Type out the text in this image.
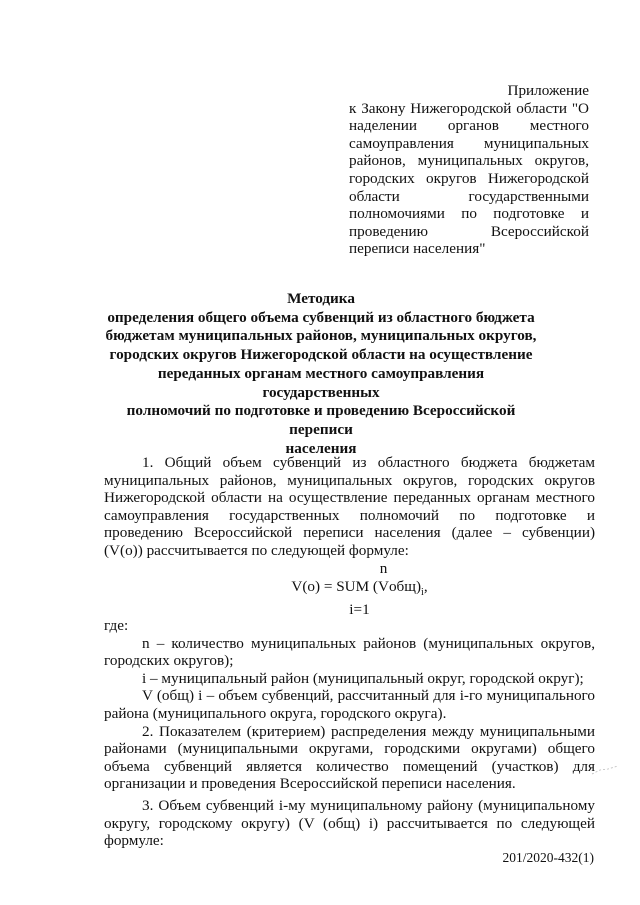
Приложение
к Закону Нижегородской области "О
наделении органов местного
самоуправления муниципальных
районов, муниципальных округов,
городских округов Нижегородской
области государственными
полномочиями по подготовке и
проведению Всероссийской
переписи населения"
Методика
определения общего объема субвенций из областного бюджета
бюджетам муниципальных районов, муниципальных округов,
городских округов Нижегородской области на осуществление
переданных органам местного самоуправления государственных
полномочий по подготовке и проведению Всероссийской переписи
населения
1. Общий объем субвенций из областного бюджета бюджетам
муниципальных районов, муниципальных округов, городских округов
Нижегородской области на осуществление переданных органам местного
самоуправления государственных полномочий по подготовке и
проведению Всероссийской переписи населения (далее – субвенции)
(V(о)) рассчитывается по следующей формуле:
n
V(о) = SUM $(Vобщ)_i$,
i=1
где:
n – количество муниципальных районов (муниципальных округов,
городских округов);
i – муниципальный район (муниципальный округ, городской округ);
V (общ) i – объем субвенций, рассчитанный для i-го муниципального
района (муниципального округа, городского округа).
2. Показателем (критерием) распределения между муниципальными
районами (муниципальными округами, городскими округами) общего
объема субвенций является количество помещений (участков) для
организации и проведения Всероссийской переписи населения.
3. Объем субвенций i-му муниципальному району (муниципальному
округу, городскому округу) (V (общ) i) рассчитывается по следующей
формуле:
201/2020-432(1)
